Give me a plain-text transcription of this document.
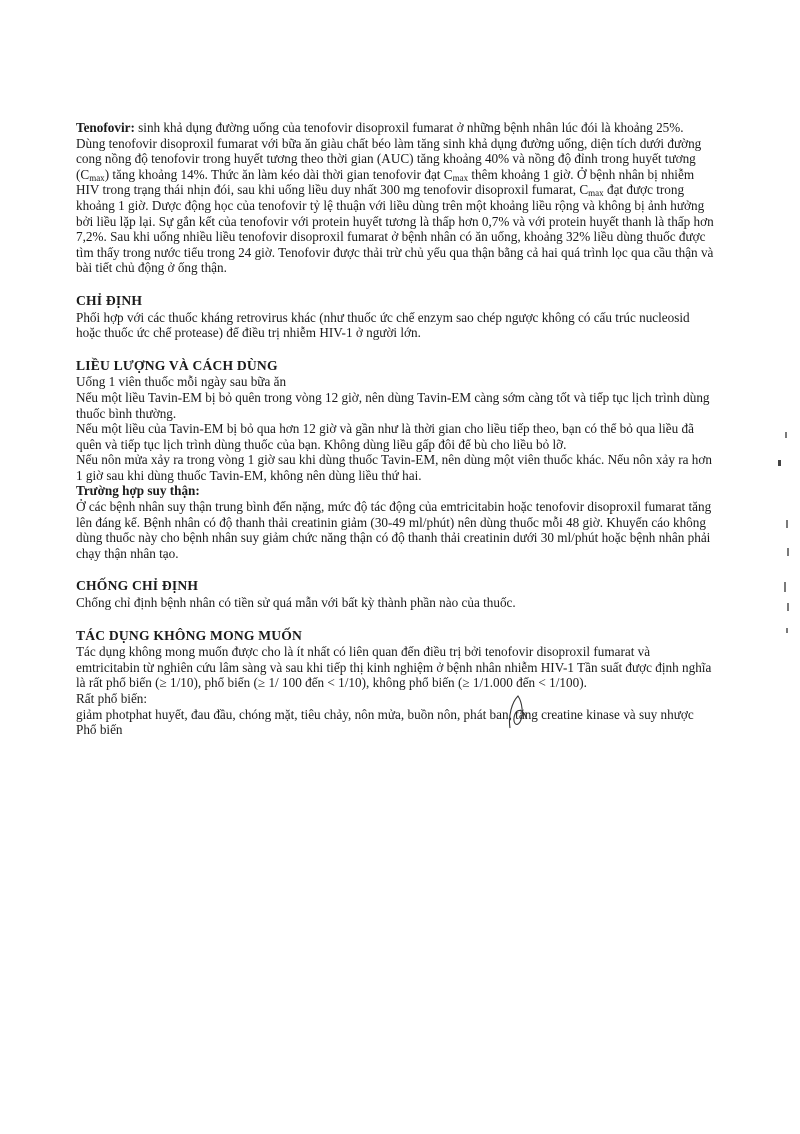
Tenofovir: sinh khả dụng đường uống của tenofovir disoproxil fumarat ở những bệnh nhân lúc đói là khoảng 25%. Dùng tenofovir disoproxil fumarat với bữa ăn giàu chất béo làm tăng sinh khả dụng đường uống, diện tích dưới đường cong nồng độ tenofovir trong huyết tương theo thời gian (AUC) tăng khoảng 40% và nồng độ đỉnh trong huyết tương $(C_{max})$ tăng khoảng 14%. Thức ăn làm kéo dài thời gian tenofovir đạt $C_{max}$ thêm khoảng 1 giờ. Ở bệnh nhân bị nhiễm HIV trong trạng thái nhịn đói, sau khi uống liều duy nhất 300 mg tenofovir disoproxil fumarat, $C_{max}$ đạt được trong khoảng 1 giờ. Dược động học của tenofovir tỷ lệ thuận với liều dùng trên một khoảng liều rộng và không bị ảnh hưởng bởi liều lặp lại. Sự gắn kết của tenofovir với protein huyết tương là thấp hơn 0,7% và với protein huyết thanh là thấp hơn 7,2%. Sau khi uống nhiều liều tenofovir disoproxil fumarat ở bệnh nhân có ăn uống, khoảng 32% liều dùng thuốc được tìm thấy trong nước tiểu trong 24 giờ. Tenofovir được thải trừ chủ yếu qua thận bằng cả hai quá trình lọc qua cầu thận và bài tiết chủ động ở ống thận.

CHỈ ĐỊNH

Phối hợp với các thuốc kháng retrovirus khác (như thuốc ức chế enzym sao chép ngược không có cấu trúc nucleosid hoặc thuốc ức chế protease) để điều trị nhiễm HIV-1 ở người lớn.

LIỀU LƯỢNG VÀ CÁCH DÙNG

Uống 1 viên thuốc mỗi ngày sau bữa ăn

Nếu một liều Tavin-EM bị bỏ quên trong vòng 12 giờ, nên dùng Tavin-EM càng sớm càng tốt và tiếp tục lịch trình dùng thuốc bình thường.

Nếu một liều của Tavin-EM bị bỏ qua hơn 12 giờ và gần như là thời gian cho liều tiếp theo, bạn có thể bỏ qua liều đã quên và tiếp tục lịch trình dùng thuốc của bạn. Không dùng liều gấp đôi để bù cho liều bỏ lỡ.

Nếu nôn mửa xảy ra trong vòng 1 giờ sau khi dùng thuốc Tavin-EM, nên dùng một viên thuốc khác. Nếu nôn xảy ra hơn 1 giờ sau khi dùng thuốc Tavin-EM, không nên dùng liều thứ hai.

Trường hợp suy thận:

Ở các bệnh nhân suy thận trung bình đến nặng, mức độ tác động của emtricitabin hoặc tenofovir disoproxil fumarat tăng lên đáng kể. Bệnh nhân có độ thanh thải creatinin giảm (30-49 ml/phút) nên dùng thuốc mỗi 48 giờ. Khuyến cáo không dùng thuốc này cho bệnh nhân suy giảm chức năng thận có độ thanh thải creatinin dưới 30 ml/phút hoặc bệnh nhân phải chạy thận nhân tạo.

CHỐNG CHỈ ĐỊNH

Chống chỉ định bệnh nhân có tiền sử quá mẫn với bất kỳ thành phần nào của thuốc.

TÁC DỤNG KHÔNG MONG MUỐN

Tác dụng không mong muốn được cho là ít nhất có liên quan đến điều trị bởi tenofovir disoproxil fumarat và emtricitabin từ nghiên cứu lâm sàng và sau khi tiếp thị kinh nghiệm ở bệnh nhân nhiễm HIV-1 Tần suất được định nghĩa là rất phổ biến (≥ 1/10), phổ biến (≥ 1/ 100 đến < 1/10), không phổ biến (≥ 1/1.000 đến < 1/100).

Rất phổ biến:

giảm photphat huyết, đau đầu, chóng mặt, tiêu chảy, nôn mửa, buồn nôn, phát ban, tăng creatine kinase và suy nhược

Phổ biến
